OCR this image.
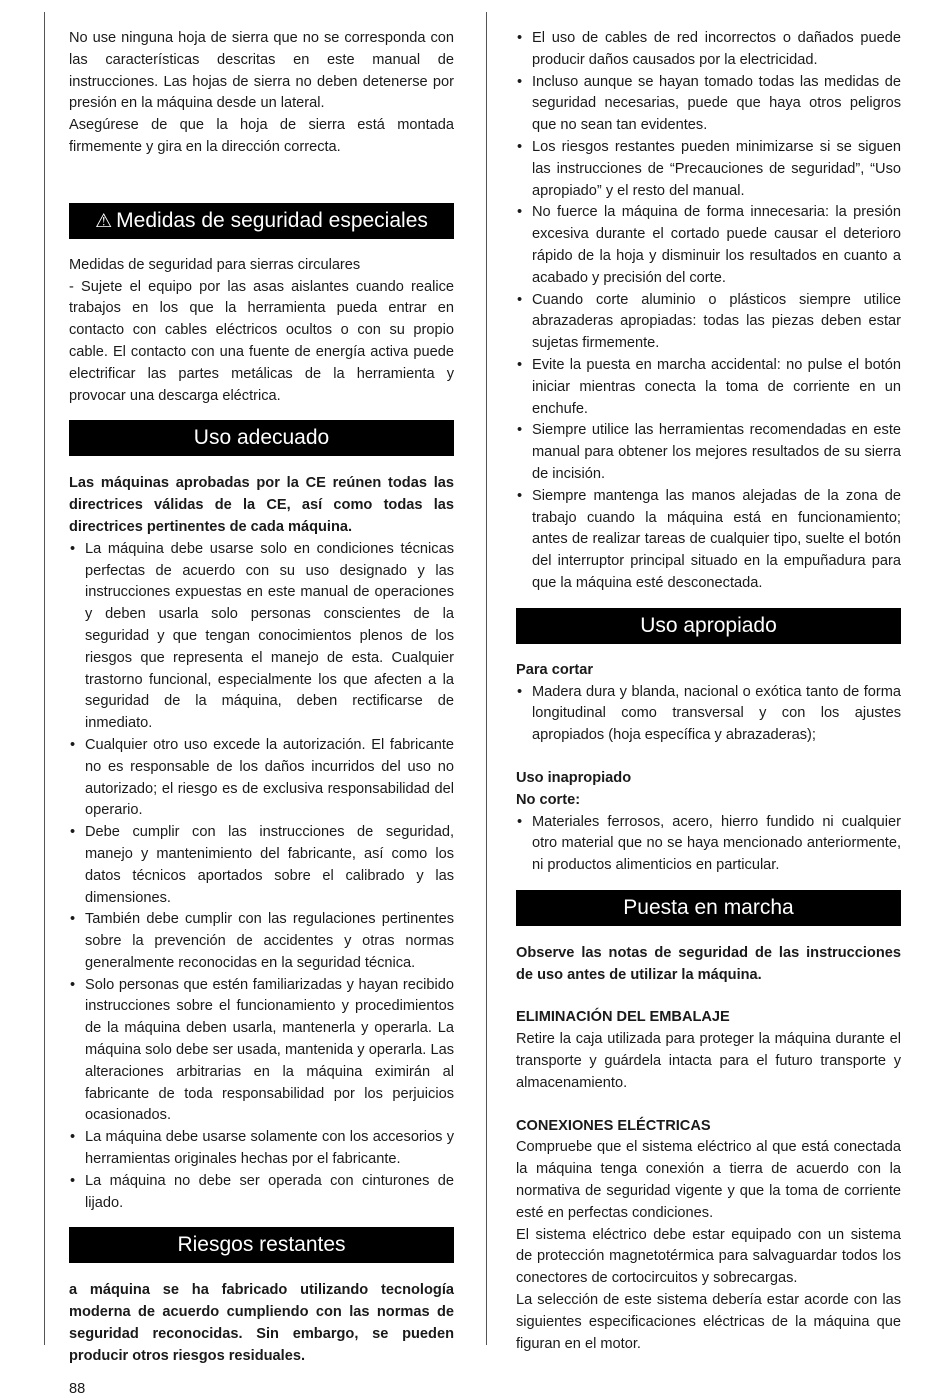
No use ninguna hoja de sierra que no se corresponda con las características descritas en este manual de instrucciones. Las hojas de sierra no deben detenerse por presión en la máquina desde un lateral.

Asegúrese de que la hoja de sierra está montada firmemente y gira en la dirección correcta.

⚠ Medidas de seguridad especiales

Medidas de seguridad para sierras circulares

- Sujete el equipo por las asas aislantes cuando realice trabajos en los que la herramienta pueda entrar en contacto con cables eléctricos ocultos o con su propio cable. El contacto con una fuente de energía activa puede electrificar las partes metálicas de la herramienta y provocar una descarga eléctrica.

Uso adecuado

Las máquinas aprobadas por la CE reúnen todas las directrices válidas de la CE, así como todas las directrices pertinentes de cada máquina.

• La máquina debe usarse solo en condiciones técnicas perfectas de acuerdo con su uso designado y las instrucciones expuestas en este manual de operaciones y deben usarla solo personas conscientes de la seguridad y que tengan conocimientos plenos de los riesgos que representa el manejo de esta. Cualquier trastorno funcional, especialmente los que afecten a la seguridad de la máquina, deben rectificarse de inmediato.
• Cualquier otro uso excede la autorización. El fabricante no es responsable de los daños incurridos del uso no autorizado; el riesgo es de exclusiva responsabilidad del operario.
• Debe cumplir con las instrucciones de seguridad, manejo y mantenimiento del fabricante, así como los datos técnicos aportados sobre el calibrado y las dimensiones.
• También debe cumplir con las regulaciones pertinentes sobre la prevención de accidentes y otras normas generalmente reconocidas en la seguridad técnica.
• Solo personas que estén familiarizadas y hayan recibido instrucciones sobre el funcionamiento y procedimientos de la máquina deben usarla, mantenerla y operarla. La máquina solo debe ser usada, mantenida y operarla. Las alteraciones arbitrarias en la máquina eximirán al fabricante de toda responsabilidad por los perjuicios ocasionados.
• La máquina debe usarse solamente con los accesorios y herramientas originales hechas por el fabricante.
• La máquina no debe ser operada con cinturones de lijado.
Riesgos restantes

a máquina se ha fabricado utilizando tecnología moderna de acuerdo cumpliendo con las normas de seguridad reconocidas. Sin embargo, se pueden producir otros riesgos residuales.

• El uso de cables de red incorrectos o dañados puede producir daños causados por la electricidad.
• Incluso aunque se hayan tomado todas las medidas de seguridad necesarias, puede que haya otros peligros que no sean tan evidentes.
• Los riesgos restantes pueden minimizarse si se siguen las instrucciones de “Precauciones de seguridad”, “Uso apropiado” y el resto del manual.
• No fuerce la máquina de forma innecesaria: la presión excesiva durante el cortado puede causar el deterioro rápido de la hoja y disminuir los resultados en cuanto a acabado y precisión del corte.
• Cuando corte aluminio o plásticos siempre utilice abrazaderas apropiadas: todas las piezas deben estar sujetas firmemente.
• Evite la puesta en marcha accidental: no pulse el botón iniciar mientras conecta la toma de corriente en un enchufe.
• Siempre utilice las herramientas recomendadas en este manual para obtener los mejores resultados de su sierra de incisión.
• Siempre mantenga las manos alejadas de la zona de trabajo cuando la máquina está en funcionamiento; antes de realizar tareas de cualquier tipo, suelte el botón del interruptor principal situado en la empuñadura para que la máquina esté desconectada.
Uso apropiado

Para cortar

• Madera dura y blanda, nacional o exótica tanto de forma longitudinal como transversal y con los ajustes apropiados (hoja específica y abrazaderas);

Uso inapropiado

No corte:

• Materiales ferrosos, acero, hierro fundido ni cualquier otro material que no se haya mencionado anteriormente, ni productos alimenticios en particular.
Puesta en marcha

Observe las notas de seguridad de las instrucciones de uso antes de utilizar la máquina.

ELIMINACIÓN DEL EMBALAJE

Retire la caja utilizada para proteger la máquina durante el transporte y guárdela intacta para el futuro transporte y almacenamiento.

CONEXIONES ELÉCTRICAS

Compruebe que el sistema eléctrico al que está conectada la máquina tenga conexión a tierra de acuerdo con la normativa de seguridad vigente y que la toma de corriente esté en perfectas condiciones.

El sistema eléctrico debe estar equipado con un sistema de protección magnetotérmica para salvaguardar todos los conectores de cortocircuitos y sobrecargas.

La selección de este sistema debería estar acorde con las siguientes especificaciones eléctricas de la máquina que figuran en el motor.

88
